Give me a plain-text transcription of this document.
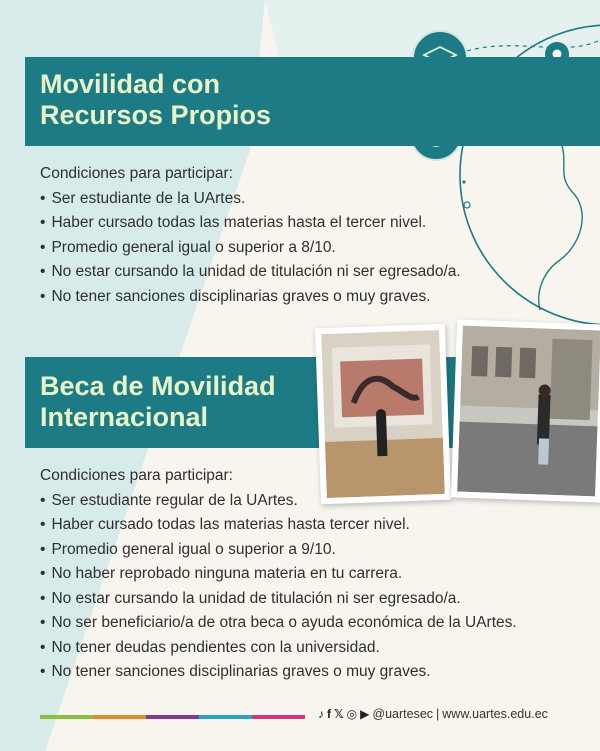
Movilidad con
Recursos Propios
Condiciones para participar:
• Ser estudiante de la UArtes.
• Haber cursado todas las materias hasta el tercer nivel.
• Promedio general igual o superior a 8/10.
• No estar cursando la unidad de titulación ni ser egresado/a.
• No tener sanciones disciplinarias graves o muy graves.
Beca de Movilidad
Internacional
Condiciones para participar:
• Ser estudiante regular de la UArtes.
• Haber cursado todas las materias hasta tercer nivel.
• Promedio general igual o superior a 9/10.
• No haber reprobado ninguna materia en tu carrera.
• No estar cursando la unidad de titulación ni ser egresado/a.
• No ser beneficiario/a de otra beca o ayuda económica de la UArtes.
• No tener deudas pendientes con la universidad.
• No tener sanciones disciplinarias graves o muy graves.
♪ f 𝕏 ◎ ▶ @uartesec | www.uartes.edu.ec
